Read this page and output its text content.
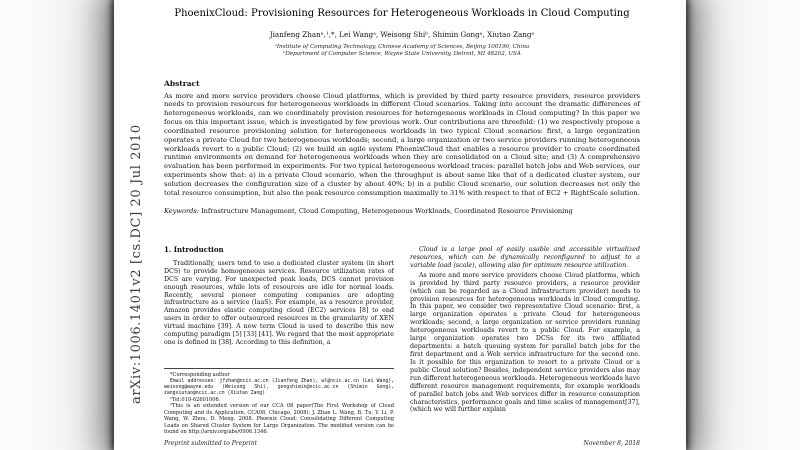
arXiv:1006.1401v2 [cs.DC] 20 Jul 2010
PhoenixCloud: Provisioning Resources for Heterogeneous Workloads in Cloud Computing
Jianfeng Zhanᵃ,¹,*, Lei Wangᵃ, Weisong Shiᵇ, Shimin Gongᵃ, Xiutao Zangᵃ
ᵃInstitute of Computing Technology, Chinese Academy of Sciences, Beijing 100190, China
ᵇDepartment of Computer Science, Wayne State University, Detroit, MI 48202, USA
Abstract
As more and more service providers choose Cloud platforms, which is provided by third party resource providers, resource providers needs to provision resources for heterogeneous workloads in different Cloud scenarios. Taking into account the dramatic differences of heterogeneous workloads, can we coordinately provision resources for heterogeneous workloads in Cloud computing? In this paper we focus on this important issue, which is investigated by few previous work. Our contributions are threefold: (1) we respectively propose a coordinated resource provisioning solution for heterogeneous workloads in two typical Cloud scenarios: first, a large organization operates a private Cloud for two heterogeneous workloads; second, a large organization or two service providers running heterogeneous workloads revert to a public Cloud; (2) we build an agile system PhoenixCloud that enables a resource provider to create coordinated runtime environments on demand for heterogeneous workloads when they are consolidated on a Cloud site; and (3) A comprehensive evaluation has been performed in experiments. For two typical heterogeneous workload traces: parallel batch jobs and Web services, our experiments show that: a) in a private Cloud scenario, when the throughput is about same like that of a dedicated cluster system, our solution decreases the configuration size of a cluster by about 40%; b) in a public Cloud scenario, our solution decreases not only the total resource consumption, but also the peak resource consumption maximally to 31% with respect to that of EC2 + RightScale solution.
Keywords: Infrastructure Management, Cloud Computing, Heterogeneous Workloads, Coordinated Resource Provisioning
1. Introduction
Traditionally, users tend to use a dedicated cluster system (in short DCS) to provide homogeneous services. Resource utilization rates of DCS are varying. For unexpected peak loads, DCS cannot provision enough resources, while lots of resources are idle for normal loads. Recently, several pioneer computing companies are adopting infrastructure as a service (IaaS). For example, as a resource provider, Amazon provides elastic computing cloud (EC2) services [8] to end users in order to offer outsourced resources in the granularity of XEN virtual machine [39]. A new term Cloud is used to describe this new computing paradigm [5] [33] [41]. We regard that the most appropriate one is defined in [38]. According to this definition, a
*Corresponding author
Email addresses: jfzhan@ncic.ac.cn (Jianfeng Zhan), wl@ncic.ac.cn (Lei Wang), weisong@wayne.edu (Weisong Shi), gongshimin@ncic.ac.cn (Shimin Gong), zangxiutao@ncic.ac.cn (Xiutao Zang)
¹Tel:010-62601006.
²This is an extended version of our CCA 08 paper(The First Workshop of Cloud Computing and its Application, CCA08, Chicago, 2008): J. Zhan L. Wang, B. Tu, Y. Li, P. Wang, W. Zhou, D. Meng. 2008. Phoenix Cloud: Consolidating Different Computing Loads on Shared Cluster System for Large Organization. The modified version can be found on http://arxiv.org/abs/0906.1346.
Cloud is a large pool of easily usable and accessible virtualized resources, which can be dynamically reconfigured to adjust to a variable load (scale), allowing also for optimum resource utilization.
As more and more service providers choose Cloud platforms, which is provided by third party resource providers, a resource provider (which can be regarded as a Cloud infrastructure provider) needs to provision resources for heterogeneous workloads in Cloud computing. In this paper, we consider two representative Cloud scenario: first, a large organization operates a private Cloud for heterogeneous workloads; second, a large organization or service providers running heterogeneous workloads revert to a public Cloud. For example, a large organization operates two DCSs for its two affiliated departments: a batch queuing system for parallel batch jobs for the first department and a Web service infrastructure for the second one. Is it possible for this organization to resort to a private Cloud or a public Cloud solution? Besides, independent service providers also may run different heterogeneous workloads. Heterogeneous workloads have different resource management requirements, for example workloads of parallel batch jobs and Web services differ in resource consumption characteristics, performance goals and time scales of management[37], (which we will further explain
Preprint submitted to Preprint	November 8, 2018
